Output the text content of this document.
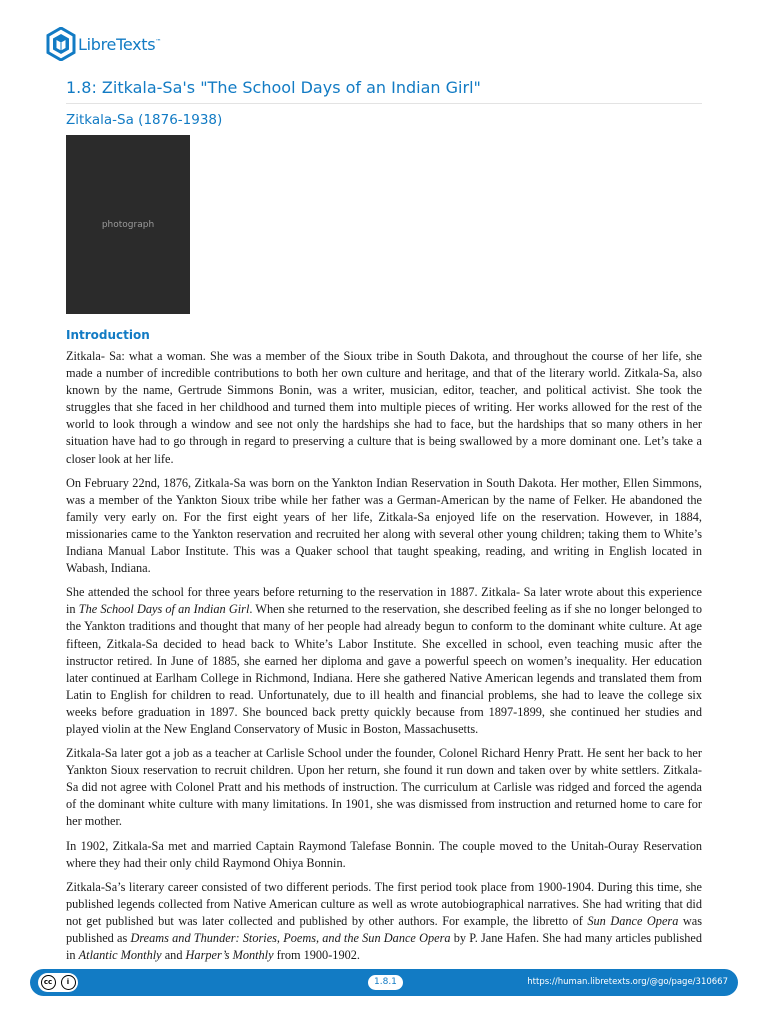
LibreTexts™
1.8: Zitkala-Sa's "The School Days of an Indian Girl"
Zitkala-Sa (1876-1938)
photograph
Introduction

Zitkala- Sa: what a woman. She was a member of the Sioux tribe in South Dakota, and throughout the course of her life, she made a number of incredible contributions to both her own culture and heritage, and that of the literary world. Zitkala-Sa, also known by the name, Gertrude Simmons Bonin, was a writer, musician, editor, teacher, and political activist. She took the struggles that she faced in her childhood and turned them into multiple pieces of writing. Her works allowed for the rest of the world to look through a window and see not only the hardships she had to face, but the hardships that so many others in her situation have had to go through in regard to preserving a culture that is being swallowed by a more dominant one. Let’s take a closer look at her life.

On February 22nd, 1876, Zitkala-Sa was born on the Yankton Indian Reservation in South Dakota. Her mother, Ellen Simmons, was a member of the Yankton Sioux tribe while her father was a German-American by the name of Felker. He abandoned the family very early on. For the first eight years of her life, Zitkala-Sa enjoyed life on the reservation. However, in 1884, missionaries came to the Yankton reservation and recruited her along with several other young children; taking them to White’s Indiana Manual Labor Institute. This was a Quaker school that taught speaking, reading, and writing in English located in Wabash, Indiana.

She attended the school for three years before returning to the reservation in 1887. Zitkala- Sa later wrote about this experience in The School Days of an Indian Girl. When she returned to the reservation, she described feeling as if she no longer belonged to the Yankton traditions and thought that many of her people had already begun to conform to the dominant white culture. At age fifteen, Zitkala-Sa decided to head back to White’s Labor Institute. She excelled in school, even teaching music after the instructor retired. In June of 1885, she earned her diploma and gave a powerful speech on women’s inequality. Her education later continued at Earlham College in Richmond, Indiana. Here she gathered Native American legends and translated them from Latin to English for children to read. Unfortunately, due to ill health and financial problems, she had to leave the college six weeks before graduation in 1897. She bounced back pretty quickly because from 1897-1899, she continued her studies and played violin at the New England Conservatory of Music in Boston, Massachusetts.

Zitkala-Sa later got a job as a teacher at Carlisle School under the founder, Colonel Richard Henry Pratt. He sent her back to her Yankton Sioux reservation to recruit children. Upon her return, she found it run down and taken over by white settlers. Zitkala-Sa did not agree with Colonel Pratt and his methods of instruction. The curriculum at Carlisle was ridged and forced the agenda of the dominant white culture with many limitations. In 1901, she was dismissed from instruction and returned home to care for her mother.

In 1902, Zitkala-Sa met and married Captain Raymond Talefase Bonnin. The couple moved to the Unitah-Ouray Reservation where they had their only child Raymond Ohiya Bonnin.

Zitkala-Sa’s literary career consisted of two different periods. The first period took place from 1900-1904. During this time, she published legends collected from Native American culture as well as wrote autobiographical narratives. She had writing that did not get published but was later collected and published by other authors. For example, the libretto of Sun Dance Opera was published as Dreams and Thunder: Stories, Poems, and the Sun Dance Opera by P. Jane Hafen. She had many articles published in Atlantic Monthly and Harper’s Monthly from 1900-1902.

cc	i	1.8.1	https://human.libretexts.org/@go/page/310667
